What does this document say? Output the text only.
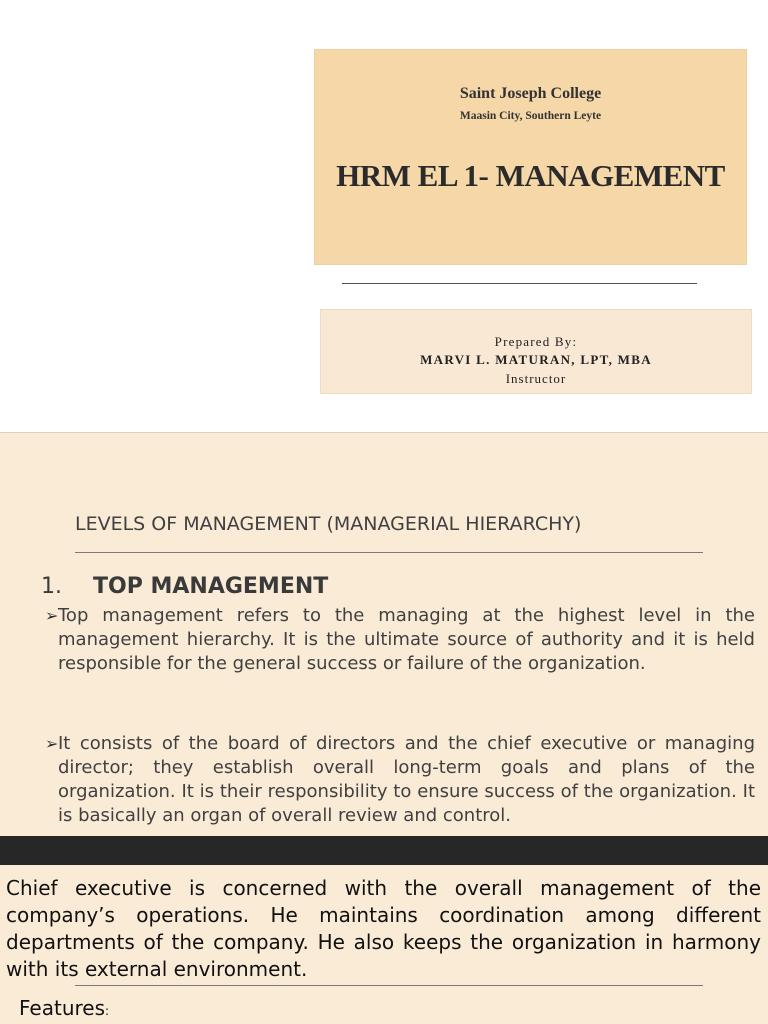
Saint Joseph College
Maasin City, Southern Leyte
HRM EL 1- MANAGEMENT
Prepared By:
MARVI L. MATURAN, LPT, MBA
Instructor
LEVELS OF MANAGEMENT (MANAGERIAL HIERARCHY)
1. TOP MANAGEMENT
➢ Top management refers to the managing at the highest level in the management hierarchy. It is the ultimate source of authority and it is held responsible for the general success or failure of the organization.
➢ It consists of the board of directors and the chief executive or managing director; they establish overall long-term goals and plans of the organization. It is their responsibility to ensure success of the organization. It is basically an organ of overall review and control.
Chief executive is concerned with the overall management of the company’s operations. He maintains coordination among different departments of the company. He also keeps the organization in harmony with its external environment.
Features:
